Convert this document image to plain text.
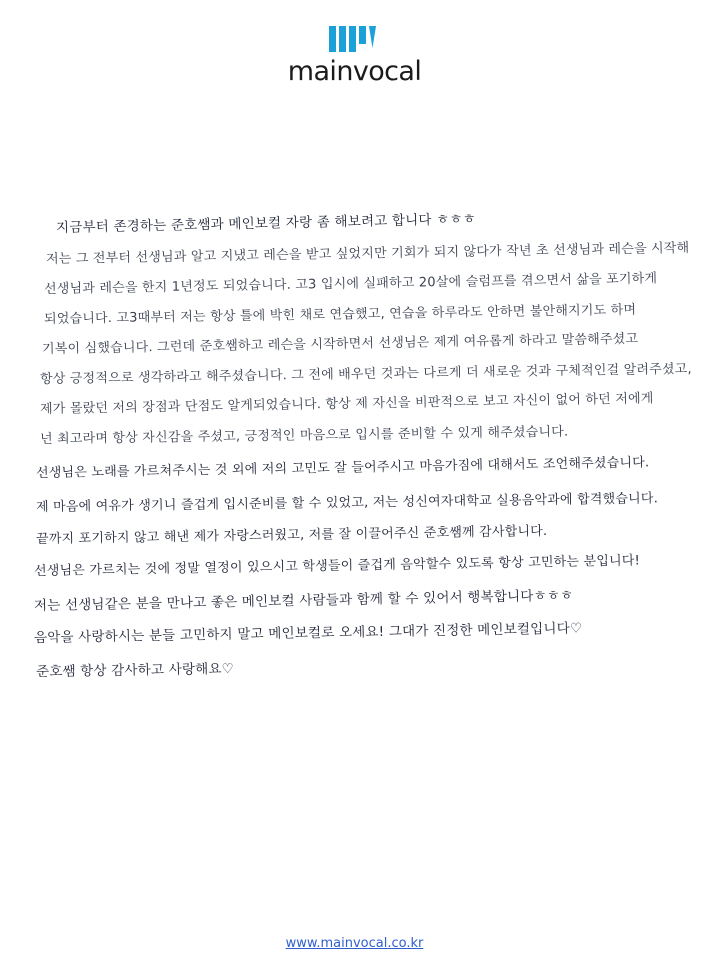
mainvocal
지금부터 존경하는 준호쌤과 메인보컬 자랑 좀 해보려고 합니다 ㅎㅎㅎ
저는 그 전부터 선생님과 알고 지냈고 레슨을 받고 싶었지만 기회가 되지 않다가 작년 초 선생님과 레슨을 시작해
선생님과 레슨을 한지 1년정도 되었습니다. 고3 입시에 실패하고 20살에 슬럼프를 겪으면서 삶을 포기하게
되었습니다. 고3때부터 저는 항상 틀에 박힌 채로 연습했고, 연습을 하루라도 안하면 불안해지기도 하며
기복이 심했습니다. 그런데 준호쌤하고 레슨을 시작하면서 선생님은 제게 여유롭게 하라고 말씀해주셨고
항상 긍정적으로 생각하라고 해주셨습니다. 그 전에 배우던 것과는 다르게 더 새로운 것과 구체적인걸 알려주셨고,
제가 몰랐던 저의 장점과 단점도 알게되었습니다. 항상 제 자신을 비판적으로 보고 자신이 없어 하던 저에게
넌 최고라며 항상 자신감을 주셨고, 긍정적인 마음으로 입시를 준비할 수 있게 해주셨습니다.
선생님은 노래를 가르쳐주시는 것 외에 저의 고민도 잘 들어주시고 마음가짐에 대해서도 조언해주셨습니다.
제 마음에 여유가 생기니 즐겁게 입시준비를 할 수 있었고, 저는 성신여자대학교 실용음악과에 합격했습니다.
끝까지 포기하지 않고 해낸 제가 자랑스러웠고, 저를 잘 이끌어주신 준호쌤께 감사합니다.
선생님은 가르치는 것에 정말 열정이 있으시고 학생들이 즐겁게 음악할수 있도록 항상 고민하는 분입니다!
저는 선생님같은 분을 만나고 좋은 메인보컬 사람들과 함께 할 수 있어서 행복합니다ㅎㅎㅎ
음악을 사랑하시는 분들 고민하지 말고 메인보컬로 오세요! 그대가 진정한 메인보컬입니다♡
준호쌤 항상 감사하고 사랑해요♡
www.mainvocal.co.kr
